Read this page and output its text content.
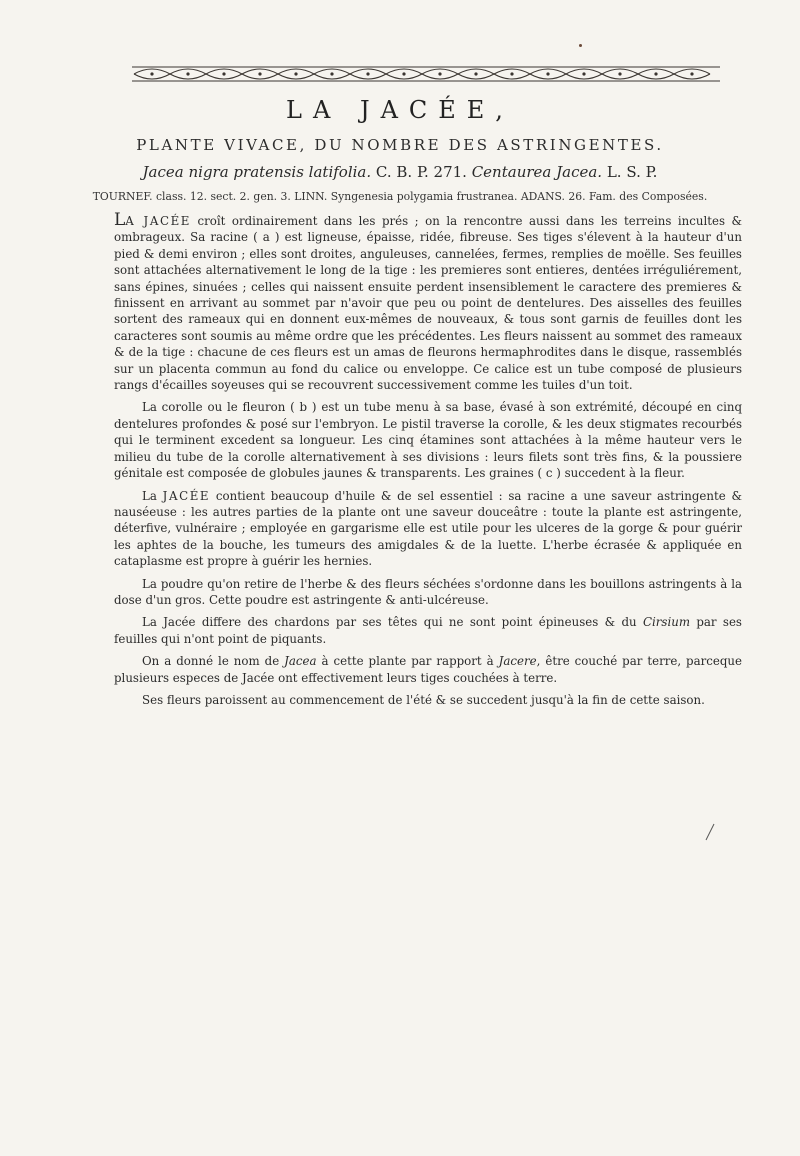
LA JACÉE,
PLANTE VIVACE, DU NOMBRE DES ASTRINGENTES.
Jacea nigra pratensis latifolia. C. B. P. 271. Centaurea Jacea. L. S. P.
TOURNEF. class. 12. sect. 2. gen. 3. LINN. Syngenesia polygamia frustranea. ADANS. 26. Fam. des Composées.

LA JACÉE croît ordinairement dans les prés ; on la rencontre aussi dans les terreins incultes & ombrageux. Sa racine ( a ) est ligneuse, épaisse, ridée, fibreuse. Ses tiges s'élevent à la hauteur d'un pied & demi environ ; elles sont droites, anguleuses, cannelées, fermes, remplies de moëlle. Ses feuilles sont attachées alternativement le long de la tige : les premieres sont entieres, dentées irréguliérement, sans épines, sinuées ; celles qui naissent ensuite perdent insensiblement le caractere des premieres & finissent en arrivant au sommet par n'avoir que peu ou point de dentelures. Des aisselles des feuilles sortent des rameaux qui en donnent eux-mêmes de nouveaux, & tous sont garnis de feuilles dont les caracteres sont soumis au même ordre que les précédentes. Les fleurs naissent au sommet des rameaux & de la tige : chacune de ces fleurs est un amas de fleurons hermaphrodites dans le disque, rassemblés sur un placenta commun au fond du calice ou enveloppe. Ce calice est un tube composé de plusieurs rangs d'écailles soyeuses qui se recouvrent successivement comme les tuiles d'un toit.

La corolle ou le fleuron ( b ) est un tube menu à sa base, évasé à son extrémité, découpé en cinq dentelures profondes & posé sur l'embryon. Le pistil traverse la corolle, & les deux stigmates recourbés qui le terminent excedent sa longueur. Les cinq étamines sont attachées à la même hauteur vers le milieu du tube de la corolle alternativement à ses divisions : leurs filets sont très fins, & la poussiere génitale est composée de globules jaunes & transparents. Les graines ( c ) succedent à la fleur.

La JACÉE contient beaucoup d'huile & de sel essentiel : sa racine a une saveur astringente & nauséeuse : les autres parties de la plante ont une saveur douceâtre : toute la plante est astringente, déterfive, vulnéraire ; employée en gargarisme elle est utile pour les ulceres de la gorge & pour guérir les aphtes de la bouche, les tumeurs des amigdales & de la luette. L'herbe écrasée & appliquée en cataplasme est propre à guérir les hernies.

La poudre qu'on retire de l'herbe & des fleurs séchées s'ordonne dans les bouillons astringents à la dose d'un gros. Cette poudre est astringente & anti-ulcéreuse.

La Jacée differe des chardons par ses têtes qui ne sont point épineuses & du Cirsium par ses feuilles qui n'ont point de piquants.

On a donné le nom de Jacea à cette plante par rapport à Jacere, être couché par terre, parceque plusieurs especes de Jacée ont effectivement leurs tiges couchées à terre.

Ses fleurs paroissent au commencement de l'été & se succedent jusqu'à la fin de cette saison.
